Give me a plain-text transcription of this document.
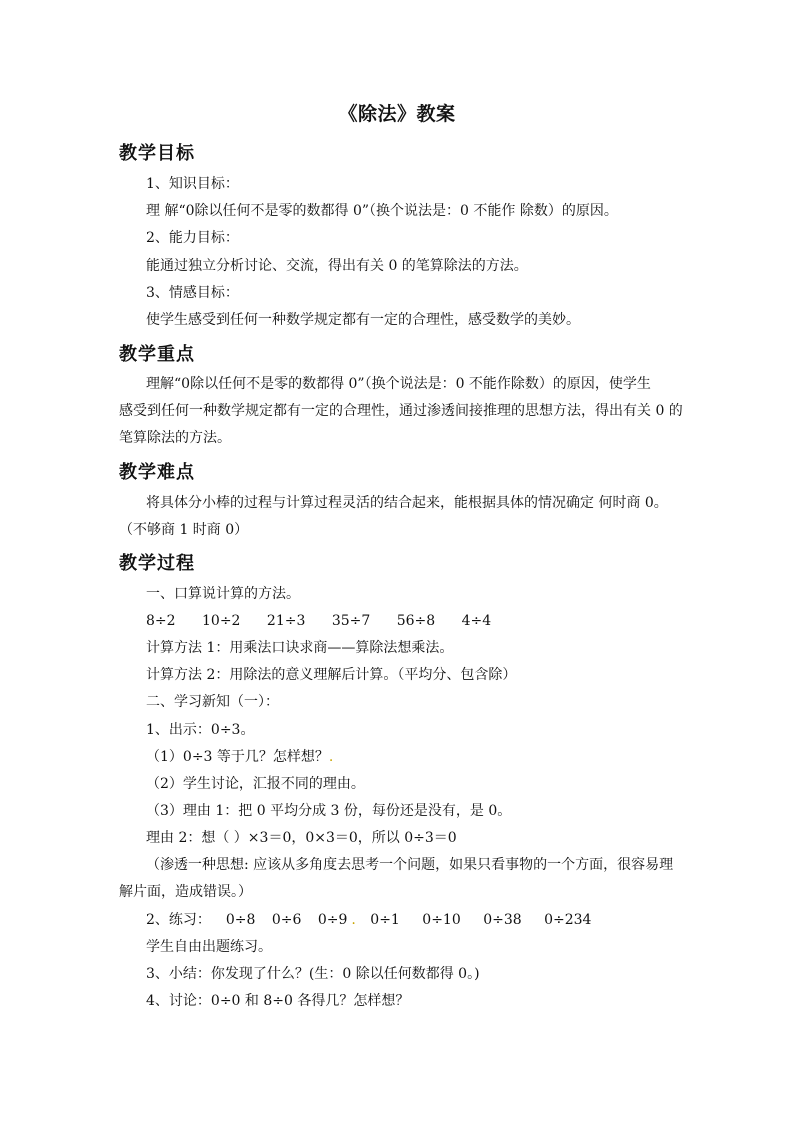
《除法》教案
教学目标
1、知识目标：
理 解“0除以任何不是零的数都得 0”（换个说法是：0 不能作 除数）的原因。
2、能力目标：
能通过独立分析讨论、交流，得出有关 0 的笔算除法的方法。
3、情感目标：
使学生感受到任何一种数学规定都有一定的合理性，感受数学的美妙。
教学重点
理解“0除以任何不是零的数都得 0”（换个说法是：0 不能作除数）的原因，使学生
感受到任何一种数学规定都有一定的合理性，通过渗透间接推理的思想方法，得出有关 0 的
笔算除法的方法。
教学难点
将具体分小棒的过程与计算过程灵活的结合起来，能根据具体的情况确定 何时商 0。
（不够商 1 时商 0）
教学过程
一、口算说计算的方法。
8÷2 10÷2 21÷3 35÷7 56÷8 4÷4
计算方法 1：用乘法口诀求商——算除法想乘法。
计算方法 2：用除法的意义理解后计算。（平均分、包含除）
二、学习新知（一）：
1、出示：0÷3。
（1）0÷3 等于几？怎样想？.
（2）学生讨论，汇报不同的理由。
（3）理由 1：把 0 平均分成 3 份，每份还是没有，是 0。
理由 2：想（ ）×3＝0，0×3＝0，所以 0÷3＝0
（渗透一种思想: 应该从多角度去思考一个问题，如果只看事物的一个方面，很容易理
解片面，造成错误。）
2、练习： 0÷8 0÷6 0÷9 . 0÷1 0÷10 0÷38 0÷234
学生自由出题练习。
3、小结：你发现了什么？(生：0 除以任何数都得 0。)
4、讨论：0÷0 和 8÷0 各得几？怎样想？
